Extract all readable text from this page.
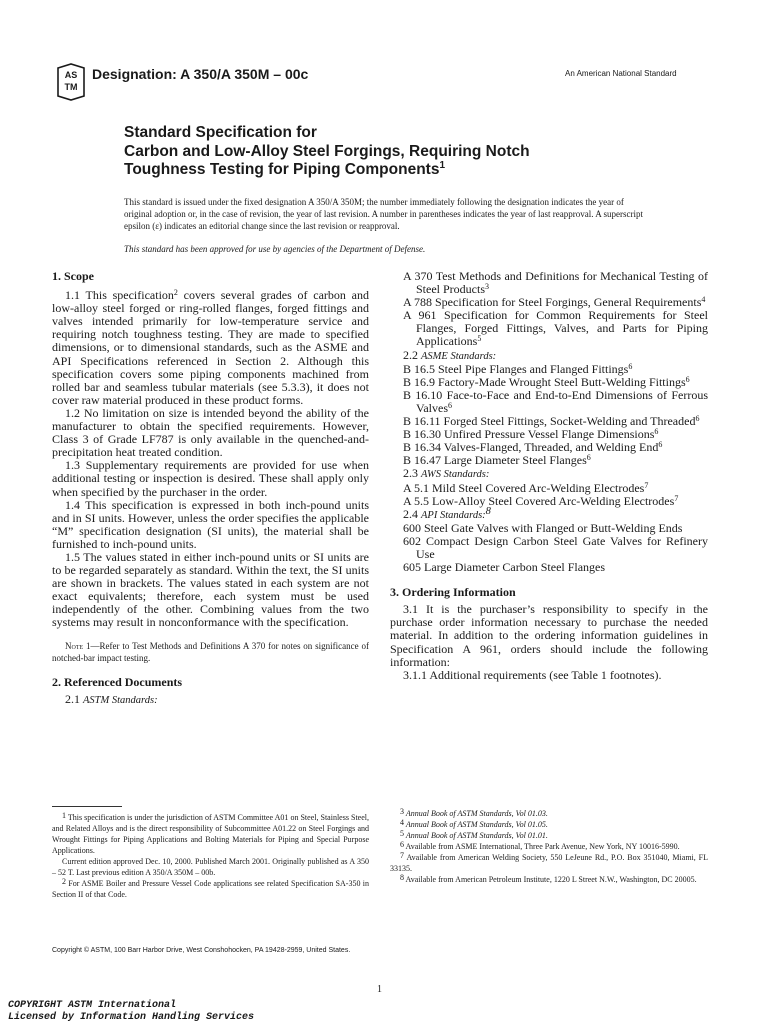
AS
TM
Designation: A 350/A 350M – 00c	An American National Standard
Standard Specification for
Carbon and Low-Alloy Steel Forgings, Requiring Notch
Toughness Testing for Piping Components$^1$

This standard is issued under the fixed designation A 350/A 350M; the number immediately following the designation indicates the year of original adoption or, in the case of revision, the year of last revision. A number in parentheses indicates the year of last reapproval. A superscript epsilon (ε) indicates an editorial change since the last revision or reapproval.

This standard has been approved for use by agencies of the Department of Defense.

1. Scope

1.1 This specification$^2$ covers several grades of carbon and low-alloy steel forged or ring-rolled flanges, forged fittings and valves intended primarily for low-temperature service and requiring notch toughness testing. They are made to specified dimensions, or to dimensional standards, such as the ASME and API Specifications referenced in Section 2. Although this specification covers some piping components machined from rolled bar and seamless tubular materials (see 5.3.3), it does not cover raw material produced in these product forms.

1.2 No limitation on size is intended beyond the ability of the manufacturer to obtain the specified requirements. However, Class 3 of Grade LF787 is only available in the quenched-and-precipitation heat treated condition.

1.3 Supplementary requirements are provided for use when additional testing or inspection is desired. These shall apply only when specified by the purchaser in the order.

1.4 This specification is expressed in both inch-pound units and in SI units. However, unless the order specifies the applicable “M” specification designation (SI units), the material shall be furnished to inch-pound units.

1.5 The values stated in either inch-pound units or SI units are to be regarded separately as standard. Within the text, the SI units are shown in brackets. The values stated in each system are not exact equivalents; therefore, each system must be used independently of the other. Combining values from the two systems may result in nonconformance with the specification.

Note 1—Refer to Test Methods and Definitions A 370 for notes on significance of notched-bar impact testing.

2. Referenced Documents

2.1 ASTM Standards:

A 370 Test Methods and Definitions for Mechanical Testing of Steel Products$^3$

A 788 Specification for Steel Forgings, General Requirements$^4$

A 961 Specification for Common Requirements for Steel Flanges, Forged Fittings, Valves, and Parts for Piping Applications$^5$

2.2 ASME Standards:

B 16.5 Steel Pipe Flanges and Flanged Fittings$^6$

B 16.9 Factory-Made Wrought Steel Butt-Welding Fittings$^6$

B 16.10 Face-to-Face and End-to-End Dimensions of Ferrous Valves$^6$

B 16.11 Forged Steel Fittings, Socket-Welding and Threaded$^6$

B 16.30 Unfired Pressure Vessel Flange Dimensions$^6$

B 16.34 Valves-Flanged, Threaded, and Welding End$^6$

B 16.47 Large Diameter Steel Flanges$^6$

2.3 AWS Standards:

A 5.1 Mild Steel Covered Arc-Welding Electrodes$^7$

A 5.5 Low-Alloy Steel Covered Arc-Welding Electrodes$^7$

2.4 API Standards:8

600 Steel Gate Valves with Flanged or Butt-Welding Ends

602 Compact Design Carbon Steel Gate Valves for Refinery Use

605 Large Diameter Carbon Steel Flanges

3. Ordering Information

3.1 It is the purchaser’s responsibility to specify in the purchase order information necessary to purchase the needed material. In addition to the ordering information guidelines in Specification A 961, orders should include the following information:

3.1.1 Additional requirements (see Table 1 footnotes).

1 This specification is under the jurisdiction of ASTM Committee A01 on Steel, Stainless Steel, and Related Alloys and is the direct responsibility of Subcommittee A01.22 on Steel Forgings and Wrought Fittings for Piping Applications and Bolting Materials for Piping and Special Purpose Applications.

Current edition approved Dec. 10, 2000. Published March 2001. Originally published as A 350 – 52 T. Last previous edition A 350/A 350M – 00b.

2 For ASME Boiler and Pressure Vessel Code applications see related Specification SA-350 in Section II of that Code.

3 Annual Book of ASTM Standards, Vol 01.03.

4 Annual Book of ASTM Standards, Vol 01.05.

5 Annual Book of ASTM Standards, Vol 01.01.

6 Available from ASME International, Three Park Avenue, New York, NY 10016-5990.

7 Available from American Welding Society, 550 LeJeune Rd., P.O. Box 351040, Miami, FL 33135.

8 Available from American Petroleum Institute, 1220 L Street N.W., Washington, DC 20005.

Copyright © ASTM, 100 Barr Harbor Drive, West Conshohocken, PA 19428-2959, United States.
1
COPYRIGHT ASTM International
Licensed by Information Handling Services
